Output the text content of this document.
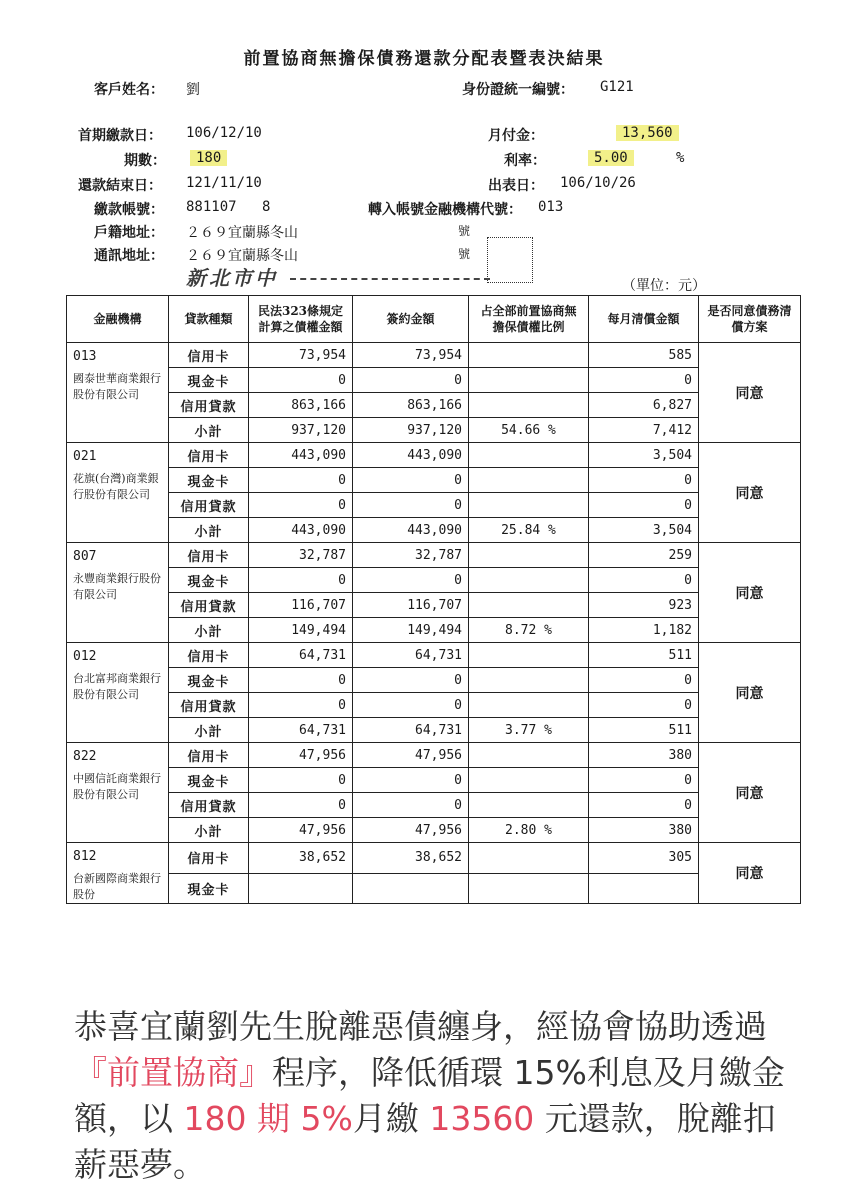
前置協商無擔保債務還款分配表暨表決結果
客戶姓名： 劉	身份證統一編號： G121
首期繳款日： 106/12/10	月付金：	13,560
期數：	180	利率：	5.00	%
還款結束日： 121/11/10	出表日： 106/10/26
繳款帳號： 881107 8	轉入帳號金融機構代號： 013
戶籍地址： ２６９宜蘭縣冬山	號
通訊地址： ２６９宜蘭縣冬山	號
新北市中	（單位：元）
金融機構	貸款種類	民法323條規定計算之債權金額	簽約金額	占全部前置協商無擔保債權比例	每月清償金額	是否同意債務清償方案

013
國泰世華商業銀行股份有限公司	信用卡	73,954	73,954		585	同意
	現金卡	0	0		0	
	信用貸款	863,166	863,166		6,827	
	小計	937,120	937,120	54.66 %	7,412	

021
花旗(台灣)商業銀行股份有限公司	信用卡	443,090	443,090		3,504	同意
	現金卡	0	0		0	
	信用貸款	0	0		0	
	小計	443,090	443,090	25.84 %	3,504	

807
永豐商業銀行股份有限公司	信用卡	32,787	32,787		259	同意
	現金卡	0	0		0	
	信用貸款	116,707	116,707		923	
	小計	149,494	149,494	8.72 %	1,182	

012
台北富邦商業銀行股份有限公司	信用卡	64,731	64,731		511	同意
	現金卡	0	0		0	
	信用貸款	0	0		0	
	小計	64,731	64,731	3.77 %	511	

822
中國信託商業銀行股份有限公司	信用卡	47,956	47,956		380	同意
	現金卡	0	0		0	
	信用貸款	0	0		0	
	小計	47,956	47,956	2.80 %	380	

812
台新國際商業銀行股份	信用卡	38,652	38,652		305	同意
	現金卡					
恭喜宜蘭劉先生脫離惡債纏身，經協會協助透過『前置協商』程序，降低循環 15%利息及月繳金額，以 180 期 5%月繳 13560 元還款，脫離扣薪惡夢。
